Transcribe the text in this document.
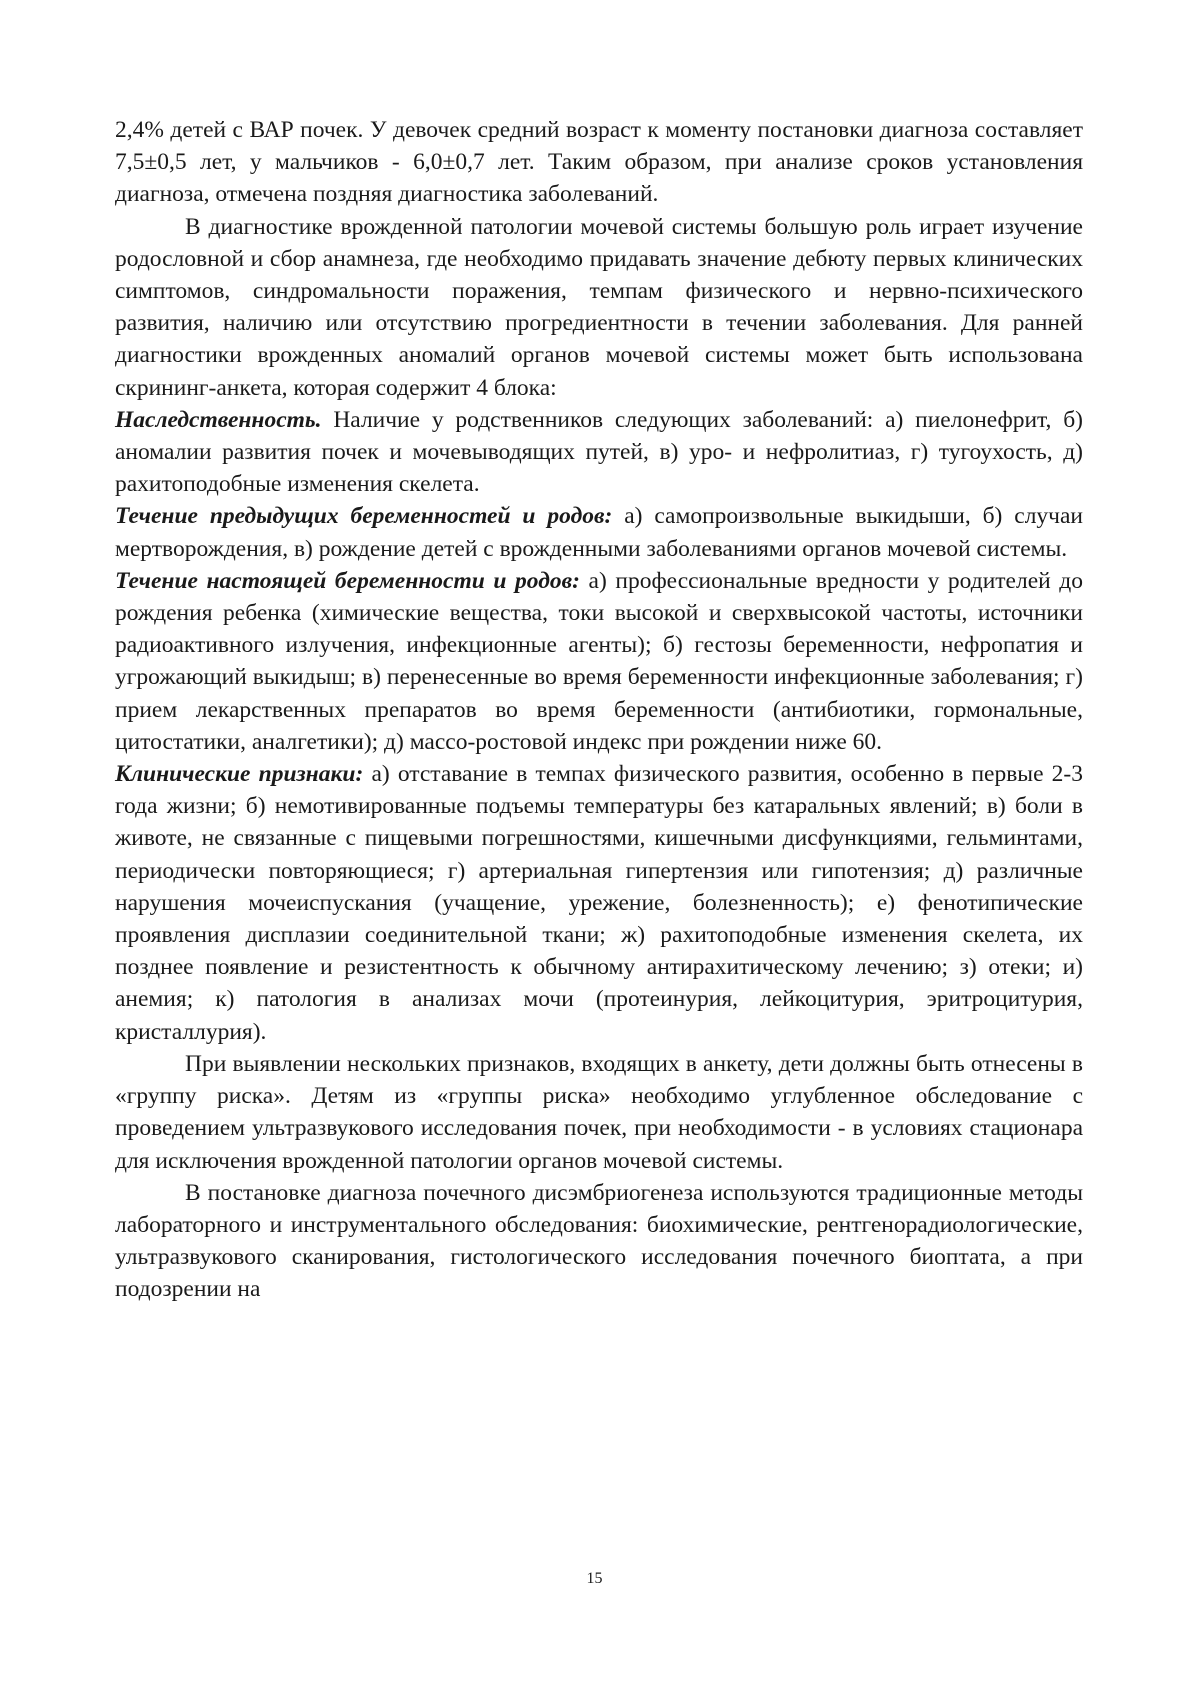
2,4% детей с ВАР почек. У девочек средний возраст к моменту постановки диагноза составляет 7,5±0,5 лет, у мальчиков - 6,0±0,7 лет. Таким образом, при анализе сроков установления диагноза, отмечена поздняя диагностика заболеваний.

В диагностике врожденной патологии мочевой системы большую роль играет изучение родословной и сбор анамнеза, где необходимо придавать значение дебюту первых клинических симптомов, синдромальности поражения, темпам физического и нервно-психического развития, наличию или отсутствию прогредиентности в течении заболевания. Для ранней диагностики врожденных аномалий органов мочевой системы может быть использована скрининг-анкета, которая содержит 4 блока:

Наследственность. Наличие у родственников следующих заболеваний: а) пиелонефрит, б) аномалии развития почек и мочевыводящих путей, в) уро- и нефролитиаз, г) тугоухость, д) рахитоподобные изменения скелета.

Течение предыдущих беременностей и родов: а) самопроизвольные выкидыши, б) случаи мертворождения, в) рождение детей с врожденными заболеваниями органов мочевой системы.

Течение настоящей беременности и родов: а) профессиональные вредности у родителей до рождения ребенка (химические вещества, токи высокой и сверхвысокой частоты, источники радиоактивного излучения, инфекционные агенты); б) гестозы беременности, нефропатия и угрожающий выкидыш; в) перенесенные во время беременности инфекционные заболевания; г) прием лекарственных препаратов во время беременности (антибиотики, гормональные, цитостатики, аналгетики); д) массо-ростовой индекс при рождении ниже 60.

Клинические признаки: а) отставание в темпах физического развития, особенно в первые 2-3 года жизни; б) немотивированные подъемы температуры без катаральных явлений; в) боли в животе, не связанные с пищевыми погрешностями, кишечными дисфункциями, гельминтами, периодически повторяющиеся; г) артериальная гипертензия или гипотензия; д) различные нарушения мочеиспускания (учащение, урежение, болезненность); е) фенотипические проявления дисплазии соединительной ткани; ж) рахитоподобные изменения скелета, их позднее появление и резистентность к обычному антирахитическому лечению; з) отеки; и) анемия; к) патология в анализах мочи (протеинурия, лейкоцитурия, эритроцитурия, кристаллурия).

При выявлении нескольких признаков, входящих в анкету, дети должны быть отнесены в «группу риска». Детям из «группы риска» необходимо углубленное обследование с проведением ультразвукового исследования почек, при необходимости - в условиях стационара для исключения врожденной патологии органов мочевой системы.

В постановке диагноза почечного дисэмбриогенеза используются традиционные методы лабораторного и инструментального обследования: биохимические, рентгенорадиологические, ультразвукового сканирования, гистологического исследования почечного биоптата, а при подозрении на

15
